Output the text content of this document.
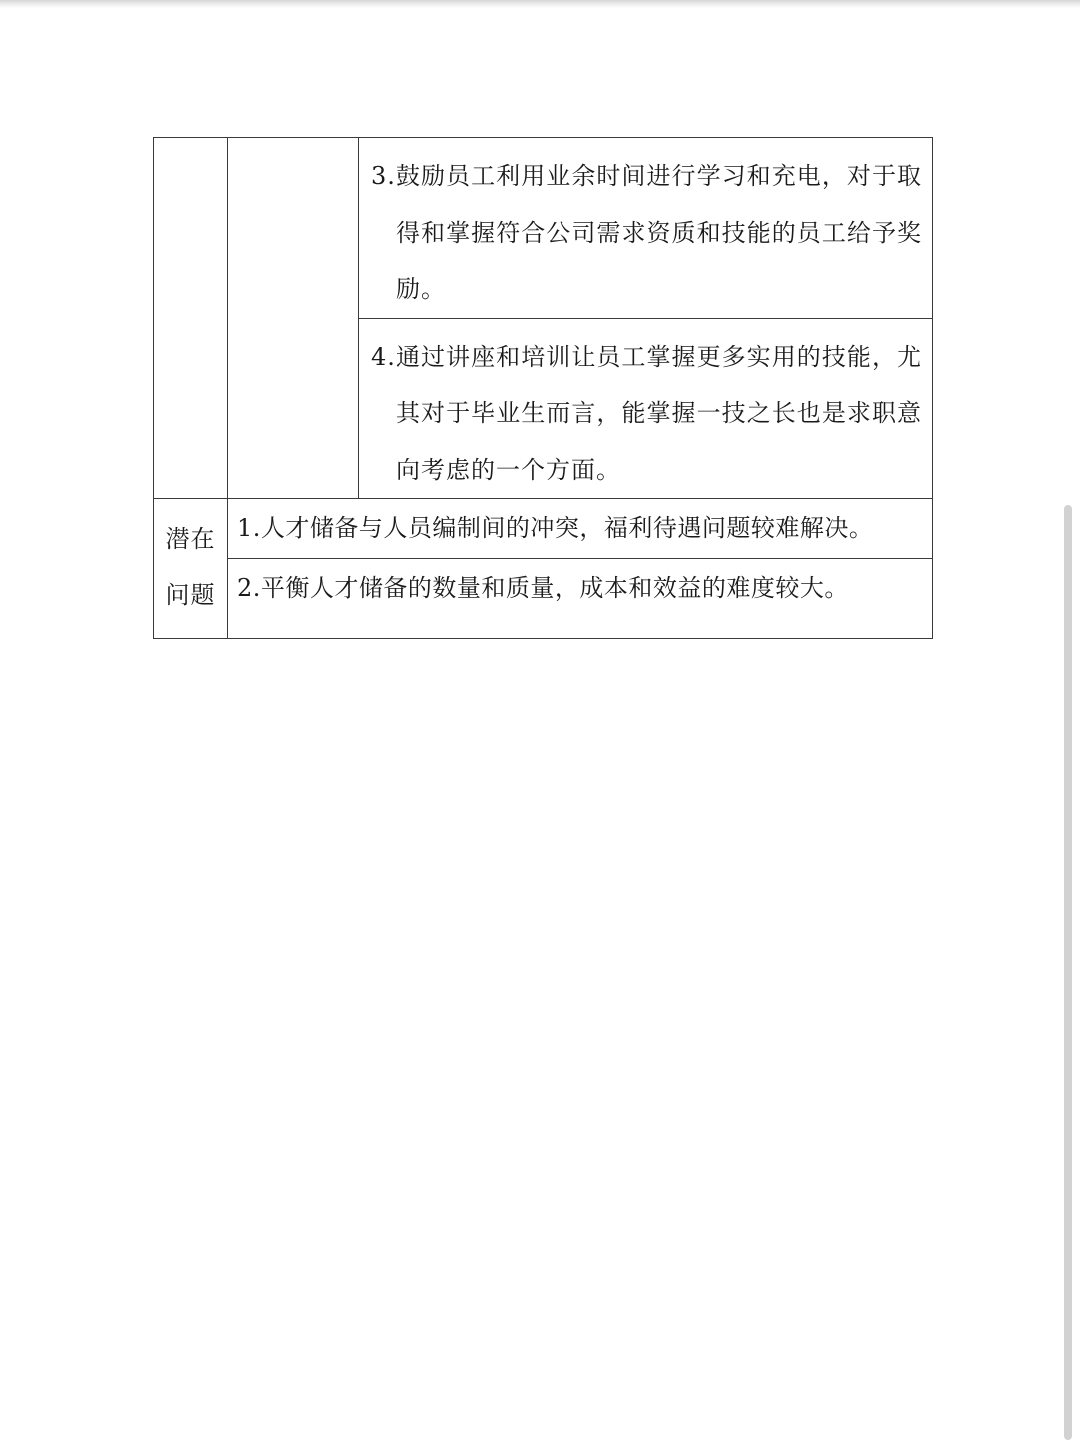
		3.鼓励员工利用业余时间进行学习和充电，对于取得和掌握符合公司需求资质和技能的员工给予奖励。

		4.通过讲座和培训让员工掌握更多实用的技能，尤其对于毕业生而言，能掌握一技之长也是求职意向考虑的一个方面。

潜在
问题	1.人才储备与人员编制间的冲突，福利待遇问题较难解决。	
	2.平衡人才储备的数量和质量，成本和效益的难度较大。	
